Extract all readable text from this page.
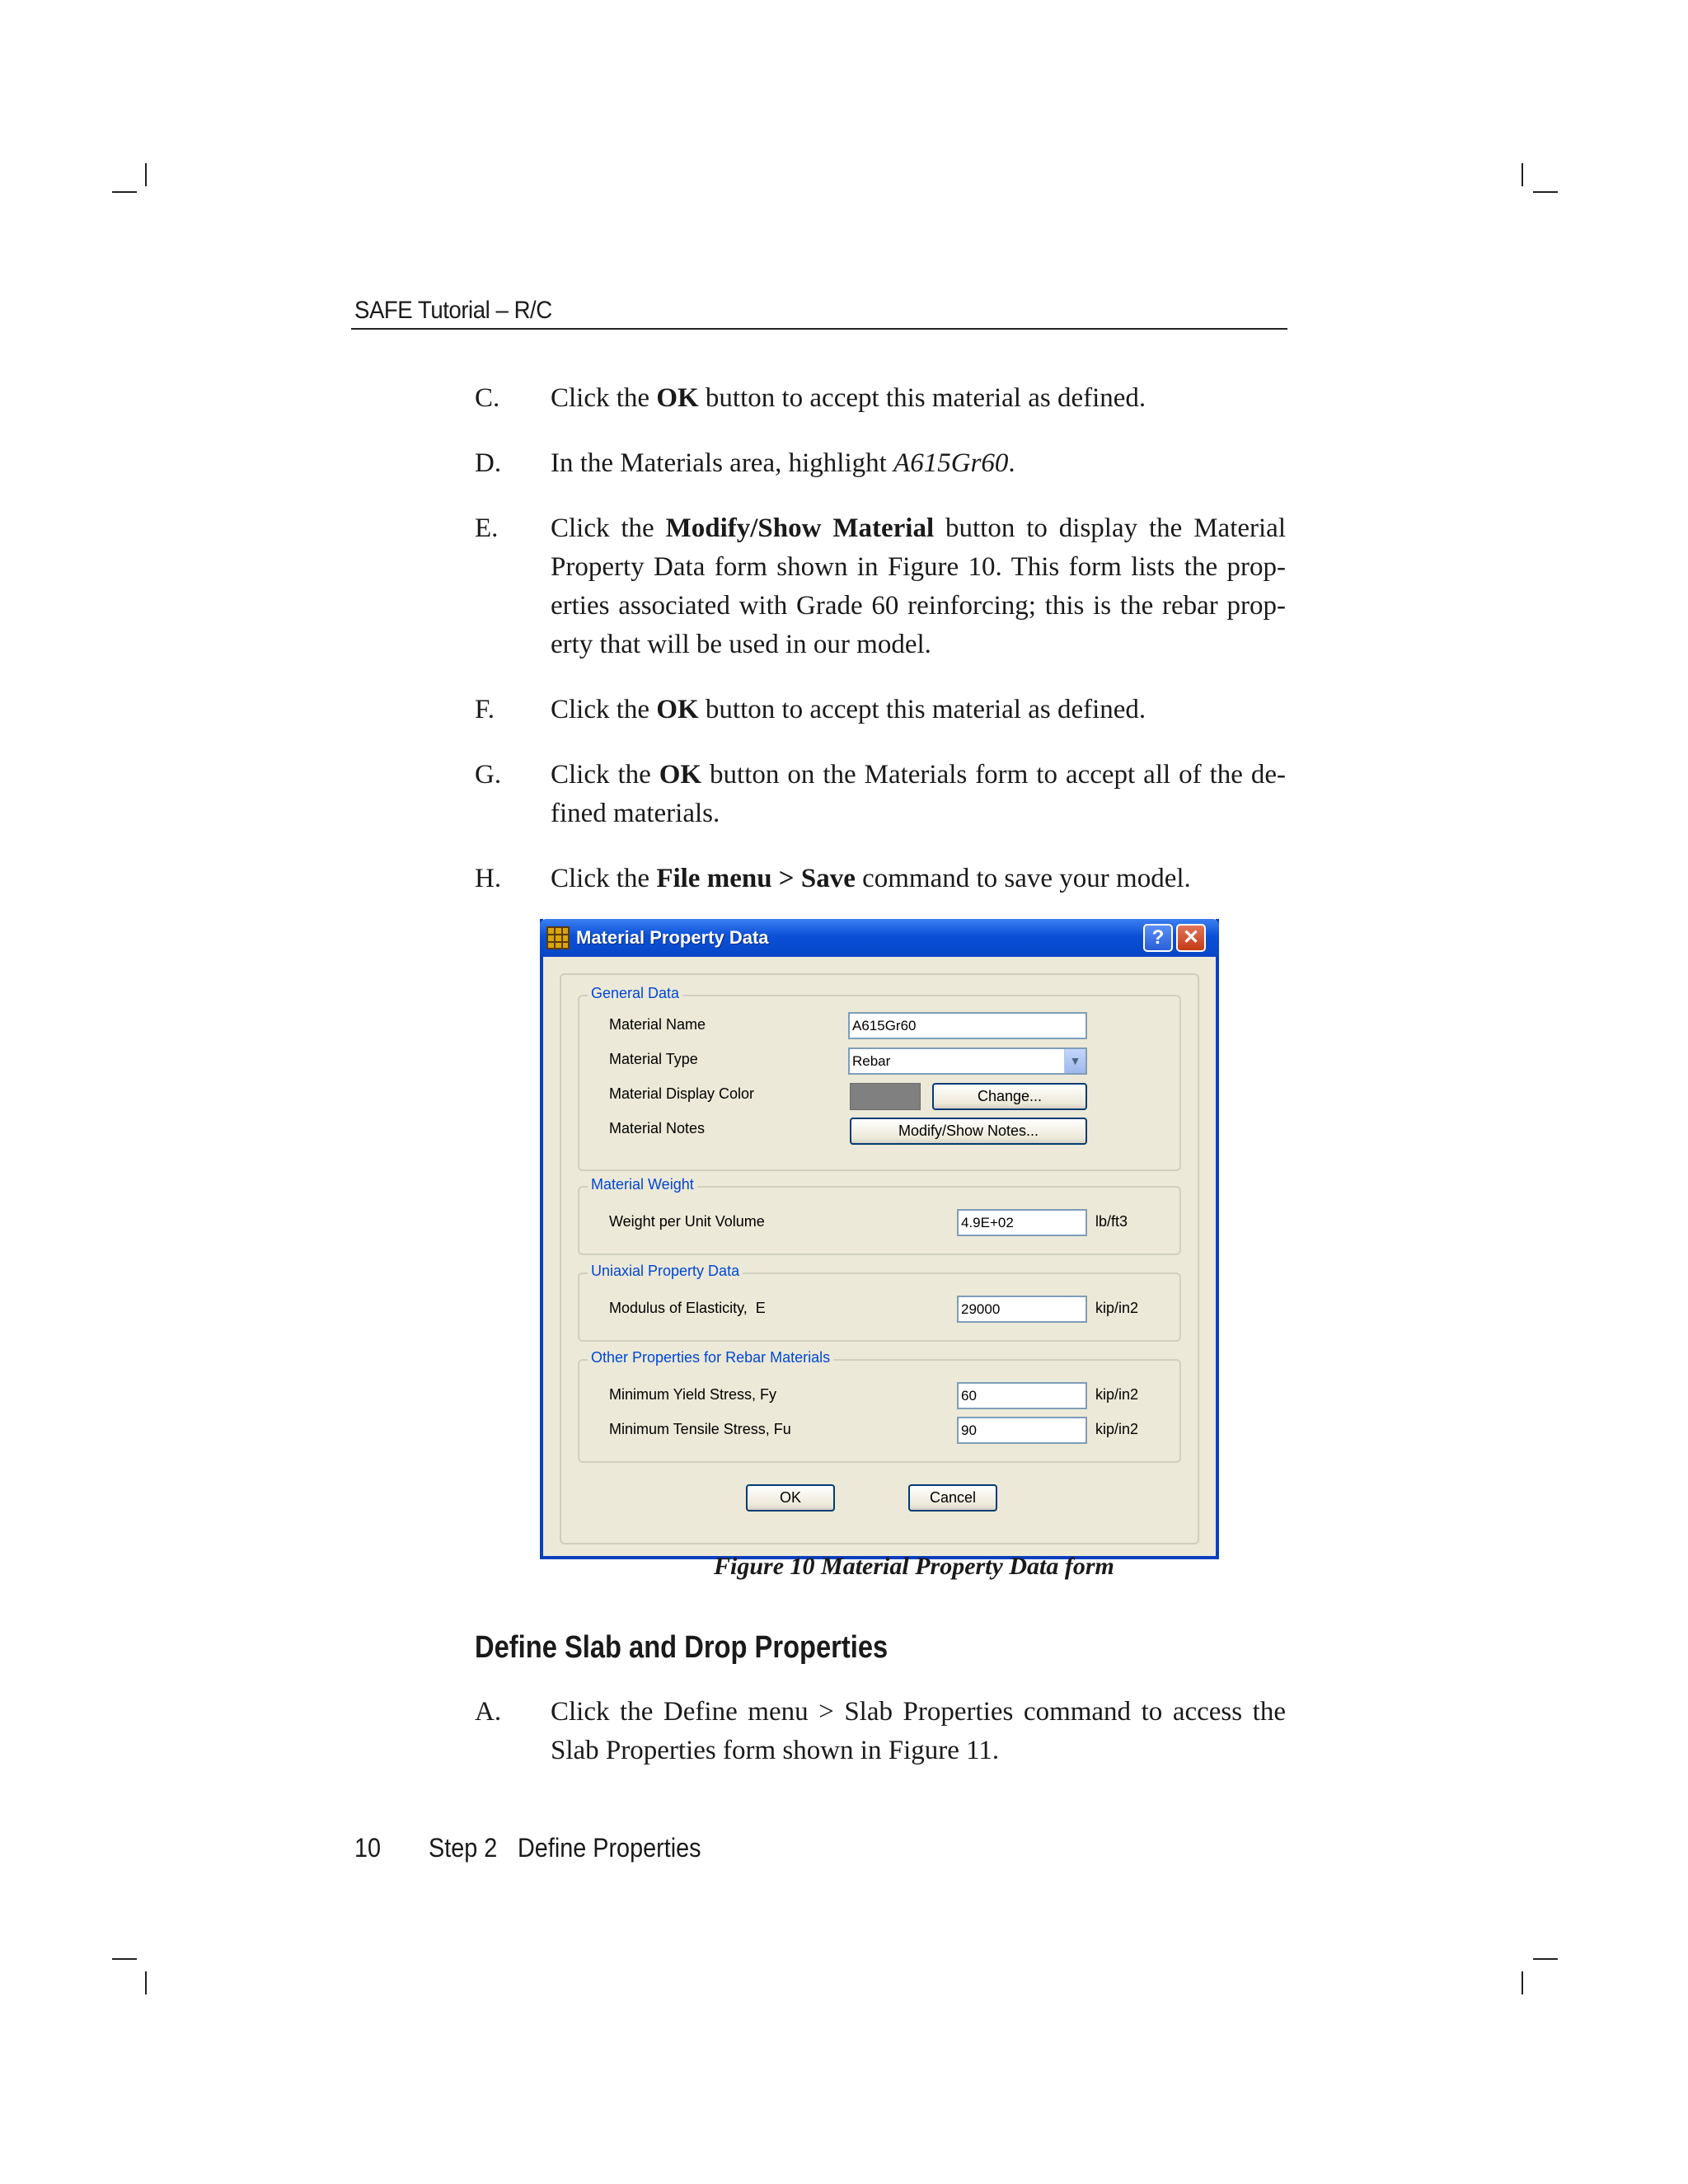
SAFE Tutorial – R/C
C. Click the OK button to accept this material as defined.
D. In the Materials area, highlight A615Gr60.
E. Click the Modify/Show Material button to display the Material Property Data form shown in Figure 10. This form lists the prop-erties associated with Grade 60 reinforcing; this is the rebar prop-erty that will be used in our model.
F. Click the OK button to accept this material as defined.
G. Click the OK button on the Materials form to accept all of the de-fined materials.
H. Click the File menu > Save command to save your model.
Material Property Data	? ✕
General Data
Material Name	A615Gr60
Material Type	Rebar	▼
Material Display Color	Change...
Material Notes	Modify/Show Notes...
Material Weight
Weight per Unit Volume	4.9E+02	lb/ft3
Uniaxial Property Data
Modulus of Elasticity,  E	29000	kip/in2
Other Properties for Rebar Materials
Minimum Yield Stress, Fy	60	kip/in2
Minimum Tensile Stress, Fu	90	kip/in2
OK	Cancel
Figure 10 Material Property Data form
Define Slab and Drop Properties
A. Click the Define menu > Slab Properties command to access the Slab Properties form shown in Figure 11.
10 Step 2 Define Properties
